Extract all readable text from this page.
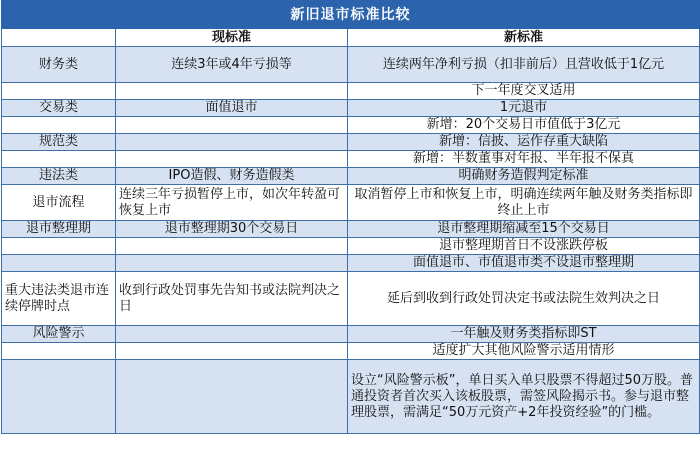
新旧退市标准比较		
	现标准	新标准
财务类	连续3年或4年亏损等	连续两年净利亏损（扣非前后）且营收低于1亿元
		下一年度交叉适用
交易类	面值退市	1元退市
		新增：20个交易日市值低于3亿元
规范类		新增：信披、运作存重大缺陷
		新增：半数董事对年报、半年报不保真
违法类	IPO造假、财务造假类	明确财务造假判定标准
退市流程	连续三年亏损暂停上市，如次年转盈可恢复上市	取消暂停上市和恢复上市，明确连续两年触及财务类指标即终止上市
退市整理期	退市整理期30个交易日	退市整理期缩减至15个交易日
		退市整理期首日不设涨跌停板
		面值退市、市值退市类不设退市整理期
重大违法类退市连续停牌时点	收到行政处罚事先告知书或法院判决之日	延后到收到行政处罚决定书或法院生效判决之日
风险警示		一年触及财务类指标即ST
		适度扩大其他风险警示适用情形
		设立“风险警示板”，单日买入单只股票不得超过50万股。普通投资者首次买入该板股票，需签风险揭示书。参与退市整理股票，需满足“50万元资产+2年投资经验”的门槛。
